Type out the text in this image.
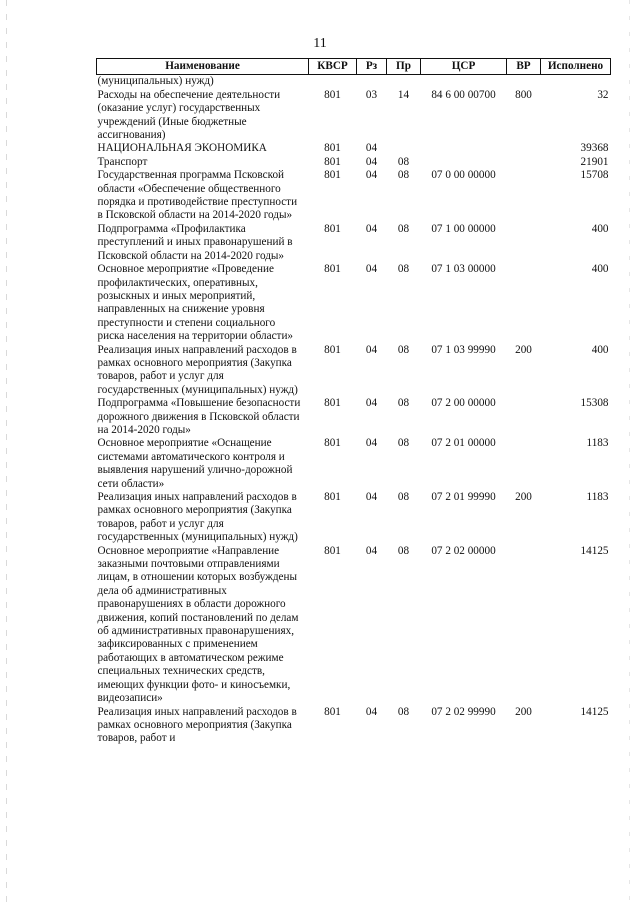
11
Наименование	КВСР	Рз	Пр	ЦСР	ВР	Исполнено
(муниципальных) нужд)						
Расходы на обеспечение деятельности (оказание услуг) государственных учреждений (Иные бюджетные ассигнования)	801	03	14	84 6 00 00700	800	32
НАЦИОНАЛЬНАЯ ЭКОНОМИКА	801	04				39368
Транспорт	801	04	08			21901
Государственная программа Псковской области «Обеспечение общественного порядка и противодействие преступности в Псковской области на 2014-2020 годы»	801	04	08	07 0 00 00000		15708
Подпрограмма «Профилактика преступлений и иных правонарушений в Псковской области на 2014-2020 годы»	801	04	08	07 1 00 00000		400
Основное мероприятие «Проведение профилактических, оперативных, розыскных и иных мероприятий, направленных на снижение уровня преступности и степени социального риска населения на территории области»	801	04	08	07 1 03 00000		400
Реализация иных направлений расходов в рамках основного мероприятия (Закупка товаров, работ и услуг для государственных (муниципальных) нужд)	801	04	08	07 1 03 99990	200	400
Подпрограмма «Повышение безопасности дорожного движения в Псковской области на 2014-2020 годы»	801	04	08	07 2 00 00000		15308
Основное мероприятие «Оснащение системами автоматического контроля и выявления нарушений улично-дорожной сети области»	801	04	08	07 2 01 00000		1183
Реализация иных направлений расходов в рамках основного мероприятия (Закупка товаров, работ и услуг для государственных (муниципальных) нужд)	801	04	08	07 2 01 99990	200	1183
Основное мероприятие «Направление заказными почтовыми отправлениями лицам, в отношении которых возбуждены дела об административных правонарушениях в области дорожного движения, копий постановлений по делам об административных правонарушениях, зафиксированных с применением работающих в автоматическом режиме специальных технических средств, имеющих функции фото- и киносъемки, видеозаписи»	801	04	08	07 2 02 00000		14125
Реализация иных направлений расходов в рамках основного мероприятия (Закупка товаров, работ и	801	04	08	07 2 02 99990	200	14125
